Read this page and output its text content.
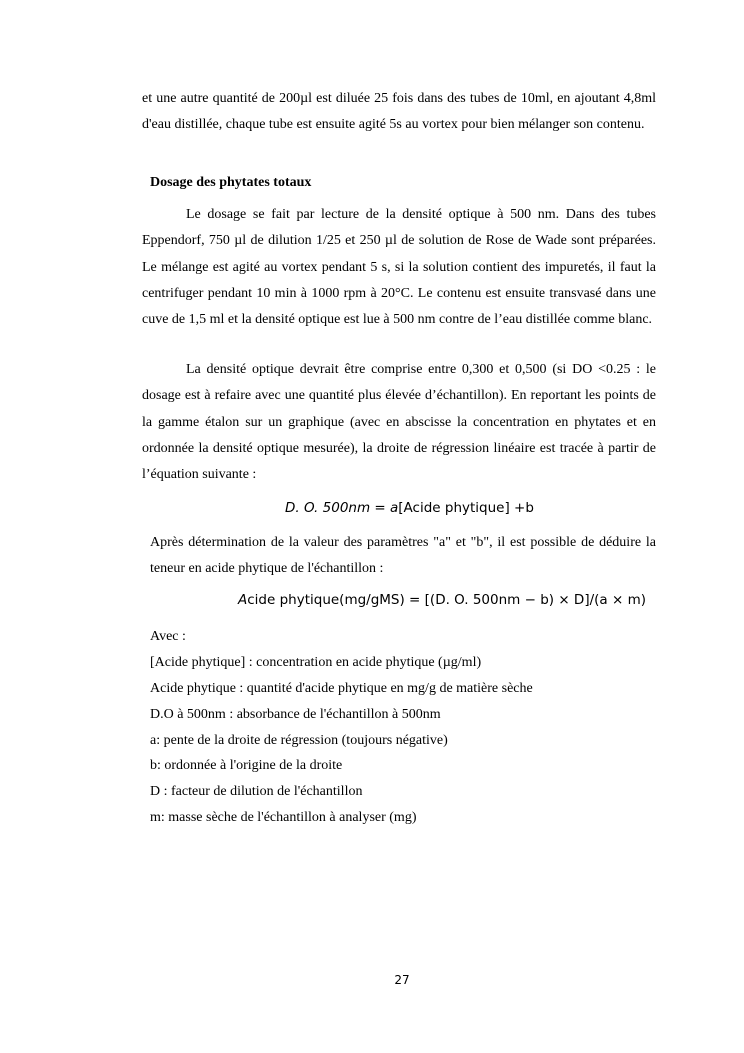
et une autre quantité de 200µl est diluée 25 fois dans des tubes de 10ml, en ajoutant 4,8ml d'eau distillée, chaque tube est ensuite agité 5s au vortex pour bien mélanger son contenu.

Dosage des phytates totaux

Le dosage se fait par lecture de la densité optique à 500 nm. Dans des tubes Eppendorf, 750 µl de dilution 1/25 et 250 µl de solution de Rose de Wade sont préparées. Le mélange est agité au vortex pendant 5 s, si la solution contient des impuretés, il faut la centrifuger pendant 10 min à 1000 rpm à 20°C. Le contenu est ensuite transvasé dans une cuve de 1,5 ml et la densité optique est lue à 500 nm contre de l’eau distillée comme blanc.

La densité optique devrait être comprise entre 0,300 et 0,500 (si DO <0.25 : le dosage est à refaire avec une quantité plus élevée d’échantillon). En reportant les points de la gamme étalon sur un graphique (avec en abscisse la concentration en phytates et en ordonnée la densité optique mesurée), la droite de régression linéaire est tracée à partir de l’équation suivante :

D. O. 500nm = a[Acide phytique] +b

Après détermination de la valeur des paramètres "a" et "b", il est possible de déduire la teneur en acide phytique de l'échantillon :

Acide phytique(mg/gMS) = [(D. O. 500nm − b) × D]/(a × m)

Avec :
[Acide phytique] : concentration en acide phytique (µg/ml)
Acide phytique : quantité d'acide phytique en mg/g de matière sèche
D.O à 500nm : absorbance de l'échantillon à 500nm
a: pente de la droite de régression (toujours négative)
b: ordonnée à l'origine de la droite
D : facteur de dilution de l'échantillon
m: masse sèche de l'échantillon à analyser (mg)
27
